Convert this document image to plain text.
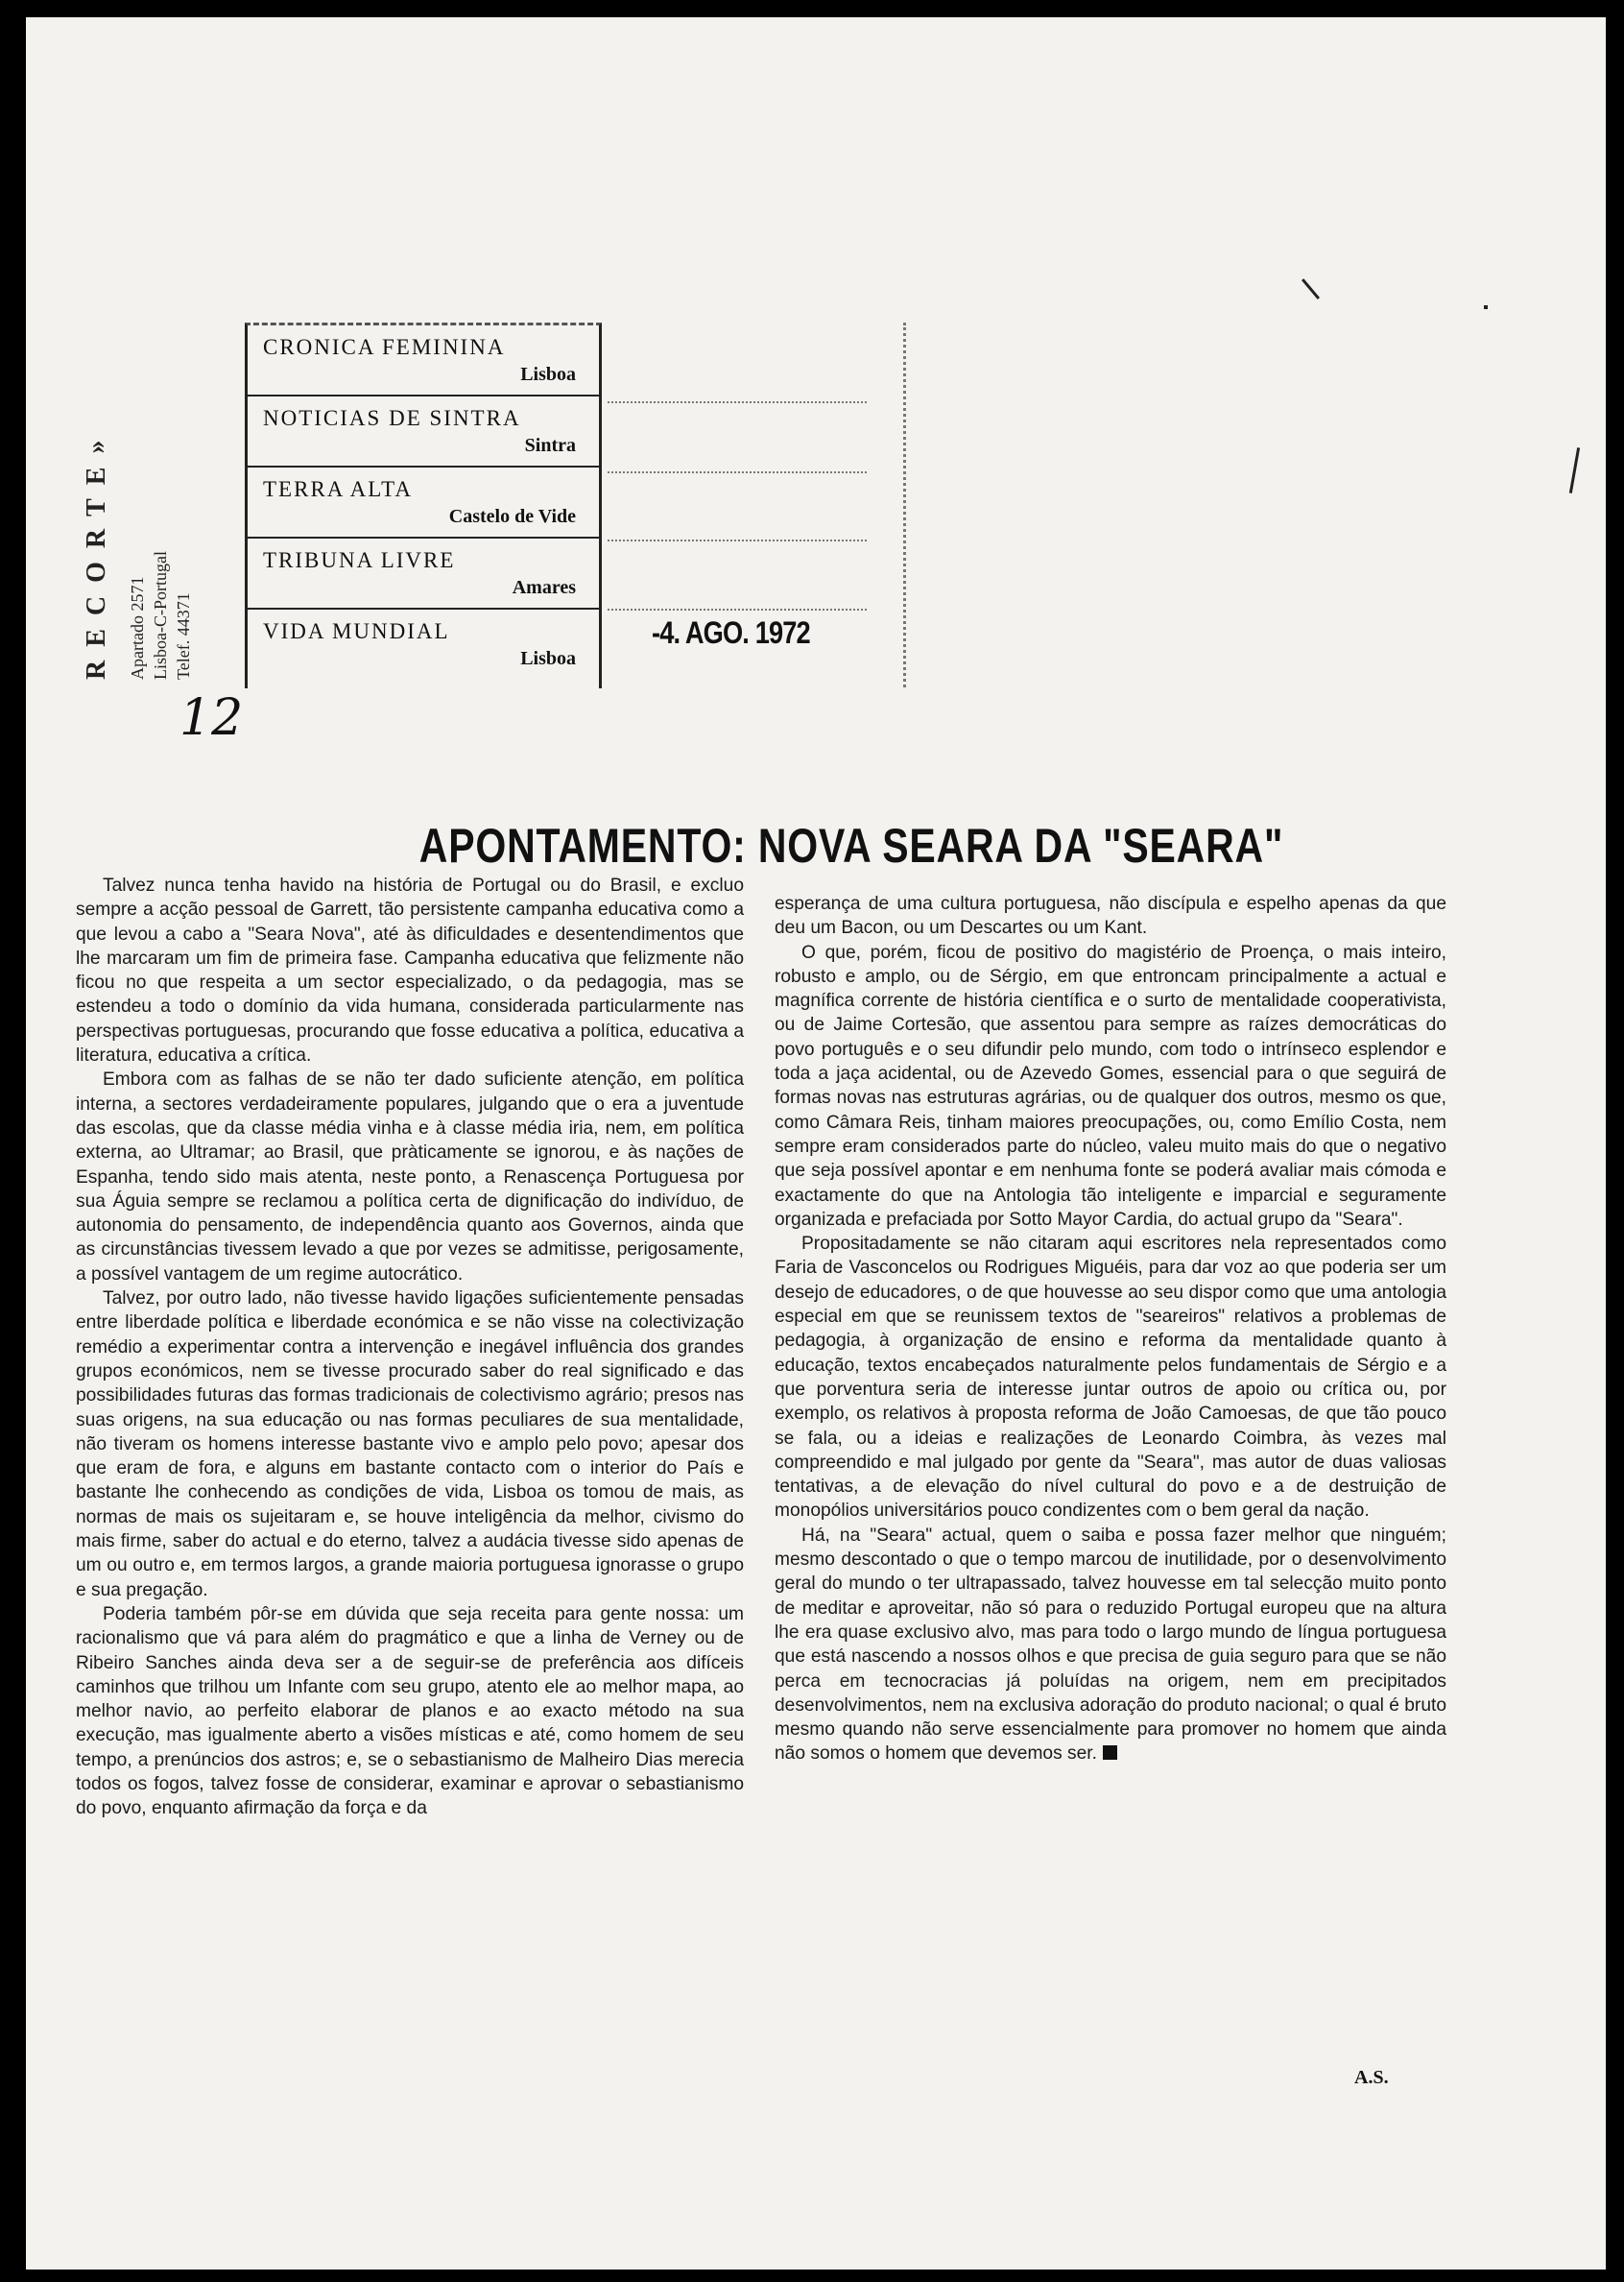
RECORTE» Apartado 2571 Lisboa-C-Portugal Telef. 44371
CRONICA FEMININA
Lisboa
NOTICIAS DE SINTRA
Sintra
TERRA ALTA
Castelo de Vide
TRIBUNA LIVRE
Amares
VIDA MUNDIAL
Lisboa
-4. AGO. 1972
12
APONTAMENTO: NOVA SEARA DA "SEARA"

Talvez nunca tenha havido na história de Portugal ou do Brasil, e excluo sempre a acção pessoal de Garrett, tão persistente campanha educativa como a que levou a cabo a "Seara Nova", até às dificuldades e desentendimentos que lhe marcaram um fim de primeira fase. Campanha educativa que felizmente não ficou no que respeita a um sector especializado, o da pedagogia, mas se estendeu a todo o domínio da vida humana, considerada particularmente nas perspectivas portuguesas, procurando que fosse educativa a política, educativa a literatura, educativa a crítica.

Embora com as falhas de se não ter dado suficiente atenção, em política interna, a sectores verdadeiramente populares, julgando que o era a juventude das escolas, que da classe média vinha e à classe média iria, nem, em política externa, ao Ultramar; ao Brasil, que pràticamente se ignorou, e às nações de Espanha, tendo sido mais atenta, neste ponto, a Renascença Portuguesa por sua Águia sempre se reclamou a política certa de dignificação do indivíduo, de autonomia do pensamento, de independência quanto aos Governos, ainda que as circunstâncias tivessem levado a que por vezes se admitisse, perigosamente, a possível vantagem de um regime autocrático.

Talvez, por outro lado, não tivesse havido ligações suficientemente pensadas entre liberdade política e liberdade económica e se não visse na colectivização remédio a experimentar contra a intervenção e inegável influência dos grandes grupos económicos, nem se tivesse procurado saber do real significado e das possibilidades futuras das formas tradicionais de colectivismo agrário; presos nas suas origens, na sua educação ou nas formas peculiares de sua mentalidade, não tiveram os homens interesse bastante vivo e amplo pelo povo; apesar dos que eram de fora, e alguns em bastante contacto com o interior do País e bastante lhe conhecendo as condições de vida, Lisboa os tomou de mais, as normas de mais os sujeitaram e, se houve inteligência da melhor, civismo do mais firme, saber do actual e do eterno, talvez a audácia tivesse sido apenas de um ou outro e, em termos largos, a grande maioria portuguesa ignorasse o grupo e sua pregação.

Poderia também pôr-se em dúvida que seja receita para gente nossa: um racionalismo que vá para além do pragmático e que a linha de Verney ou de Ribeiro Sanches ainda deva ser a de seguir-se de preferência aos difíceis caminhos que trilhou um Infante com seu grupo, atento ele ao melhor mapa, ao melhor navio, ao perfeito elaborar de planos e ao exacto método na sua execução, mas igualmente aberto a visões místicas e até, como homem de seu tempo, a prenúncios dos astros; e, se o sebastianismo de Malheiro Dias merecia todos os fogos, talvez fosse de considerar, examinar e aprovar o sebastianismo do povo, enquanto afirmação da força e da

esperança de uma cultura portuguesa, não discípula e espelho apenas da que deu um Bacon, ou um Descartes ou um Kant.

O que, porém, ficou de positivo do magistério de Proença, o mais inteiro, robusto e amplo, ou de Sérgio, em que entroncam principalmente a actual e magnífica corrente de história científica e o surto de mentalidade cooperativista, ou de Jaime Cortesão, que assentou para sempre as raízes democráticas do povo português e o seu difundir pelo mundo, com todo o intrínseco esplendor e toda a jaça acidental, ou de Azevedo Gomes, essencial para o que seguirá de formas novas nas estruturas agrárias, ou de qualquer dos outros, mesmo os que, como Câmara Reis, tinham maiores preocupações, ou, como Emílio Costa, nem sempre eram considerados parte do núcleo, valeu muito mais do que o negativo que seja possível apontar e em nenhuma fonte se poderá avaliar mais cómoda e exactamente do que na Antologia tão inteligente e imparcial e seguramente organizada e prefaciada por Sotto Mayor Cardia, do actual grupo da "Seara".

Propositadamente se não citaram aqui escritores nela representados como Faria de Vasconcelos ou Rodrigues Miguéis, para dar voz ao que poderia ser um desejo de educadores, o de que houvesse ao seu dispor como que uma antologia especial em que se reunissem textos de "seareiros" relativos a problemas de pedagogia, à organização de ensino e reforma da mentalidade quanto à educação, textos encabeçados naturalmente pelos fundamentais de Sérgio e a que porventura seria de interesse juntar outros de apoio ou crítica ou, por exemplo, os relativos à proposta reforma de João Camoesas, de que tão pouco se fala, ou a ideias e realizações de Leonardo Coimbra, às vezes mal compreendido e mal julgado por gente da "Seara", mas autor de duas valiosas tentativas, a de elevação do nível cultural do povo e a de destruição de monopólios universitários pouco condizentes com o bem geral da nação.

Há, na "Seara" actual, quem o saiba e possa fazer melhor que ninguém; mesmo descontado o que o tempo marcou de inutilidade, por o desenvolvimento geral do mundo o ter ultrapassado, talvez houvesse em tal selecção muito ponto de meditar e aproveitar, não só para o reduzido Portugal europeu que na altura lhe era quase exclusivo alvo, mas para todo o largo mundo de língua portuguesa que está nascendo a nossos olhos e que precisa de guia seguro para que se não perca em tecnocracias já poluídas na origem, nem em precipitados desenvolvimentos, nem na exclusiva adoração do produto nacional; o qual é bruto mesmo quando não serve essencialmente para promover no homem que ainda não somos o homem que devemos ser.

A.S.
